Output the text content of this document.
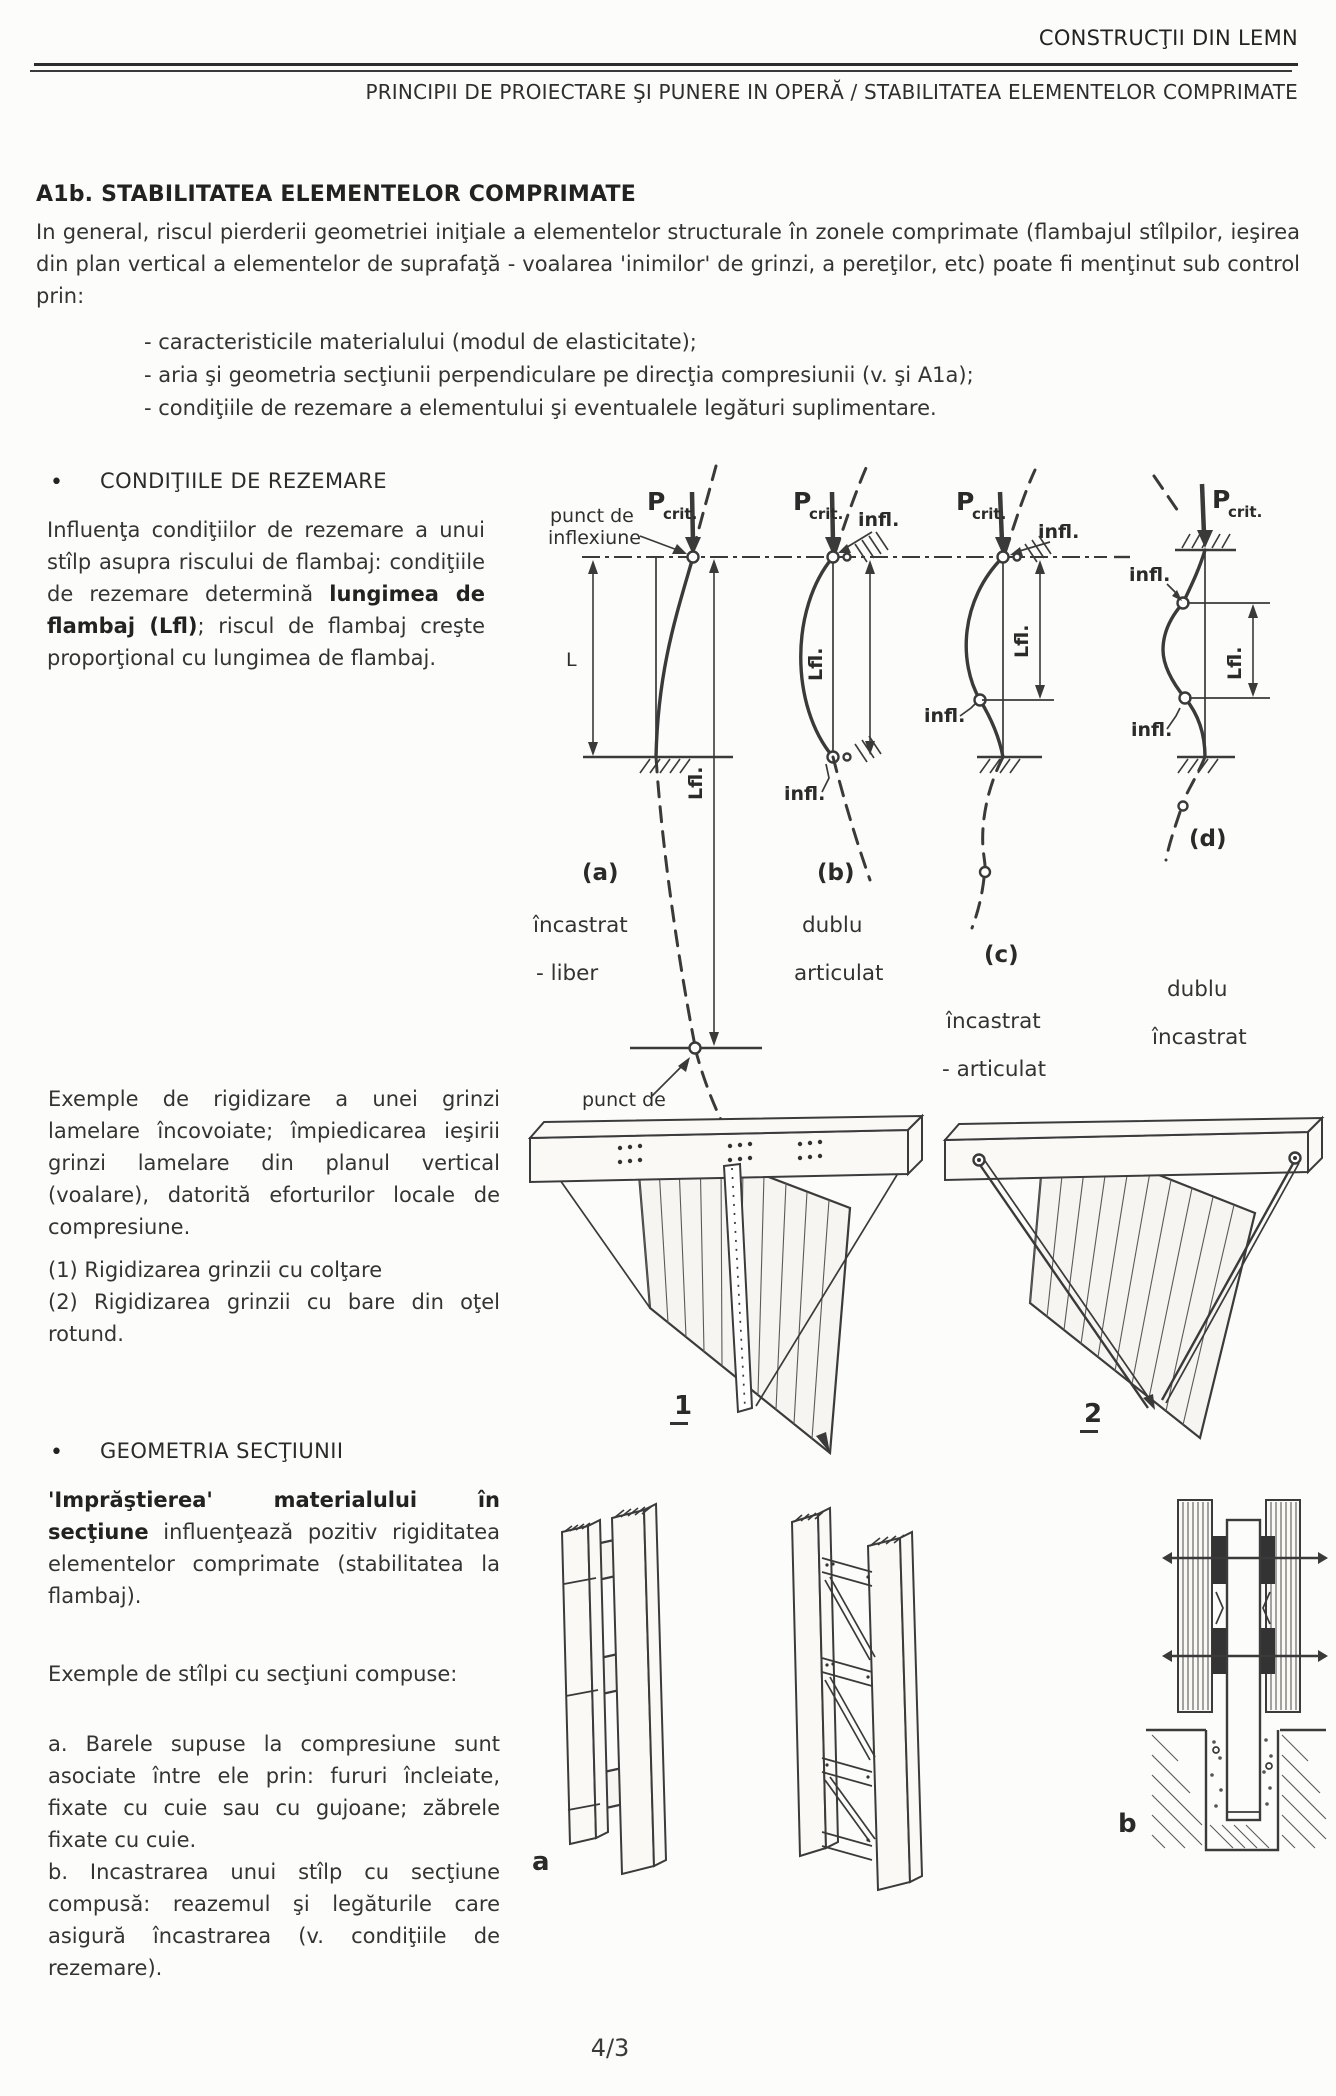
CONSTRUCŢII DIN LEMN
PRINCIPII DE PROIECTARE ŞI PUNERE IN OPERĂ / STABILITATEA ELEMENTELOR COMPRIMATE
A1b. STABILITATEA ELEMENTELOR COMPRIMATE
In general, riscul pierderii geometriei iniţiale a elementelor structurale în zonele comprimate (flambajul stîlpilor, ieşirea din plan vertical a elementelor de suprafaţă - voalarea 'inimilor' de grinzi, a pereţilor, etc) poate fi menţinut sub control prin:
- caracteristicile materialului (modul de elasticitate);
- aria şi geometria secţiunii perpendiculare pe direcţia compresiunii (v. şi A1a);
- condiţiile de rezemare a elementului şi eventualele legături suplimentare.
• CONDIŢIILE DE REZEMARE
Influenţa condiţiilor de rezemare a unui stîlp asupra riscului de flambaj: condiţiile de rezemare determină lungimea de flambaj (Lfl); riscul de flambaj creşte proporţional cu lungimea de flambaj.	L
P
crit.
punct de
inflexiune
Lfl.
punct de
(a)
încastrat
- liber
P
crit. infl.
Lfl.
infl.
(b)
dublu
articulat
P
crit.
infl.
Lfl.
infl.
(c)
încastrat
- articulat
P
crit.
Lfl.
infl.
infl.
(d)
dublu
încastrat
Exemple de rigidizare a unei grinzi lamelare încovoiate; împiedicarea ieşirii grinzi lamelare din planul vertical (voalare), datorită eforturilor locale de compresiune.
(1) Rigidizarea grinzii cu colţare
(2) Rigidizarea grinzii cu bare din oţel rotund.
1	2
• GEOMETRIA SECŢIUNII
'Imprăştierea' materialului în secţiune influenţează pozitiv rigiditatea elementelor comprimate (stabilitatea la flambaj).
Exemple de stîlpi cu secţiuni compuse:
a. Barele supuse la compresiune sunt asociate între ele prin: fururi încleiate, fixate cu cuie sau cu gujoane; zăbrele fixate cu cuie.
b. Incastrarea unui stîlp cu secţiune compusă: reazemul şi legăturile care asigură încastrarea (v. condiţiile de rezemare).
a
b
4/3
